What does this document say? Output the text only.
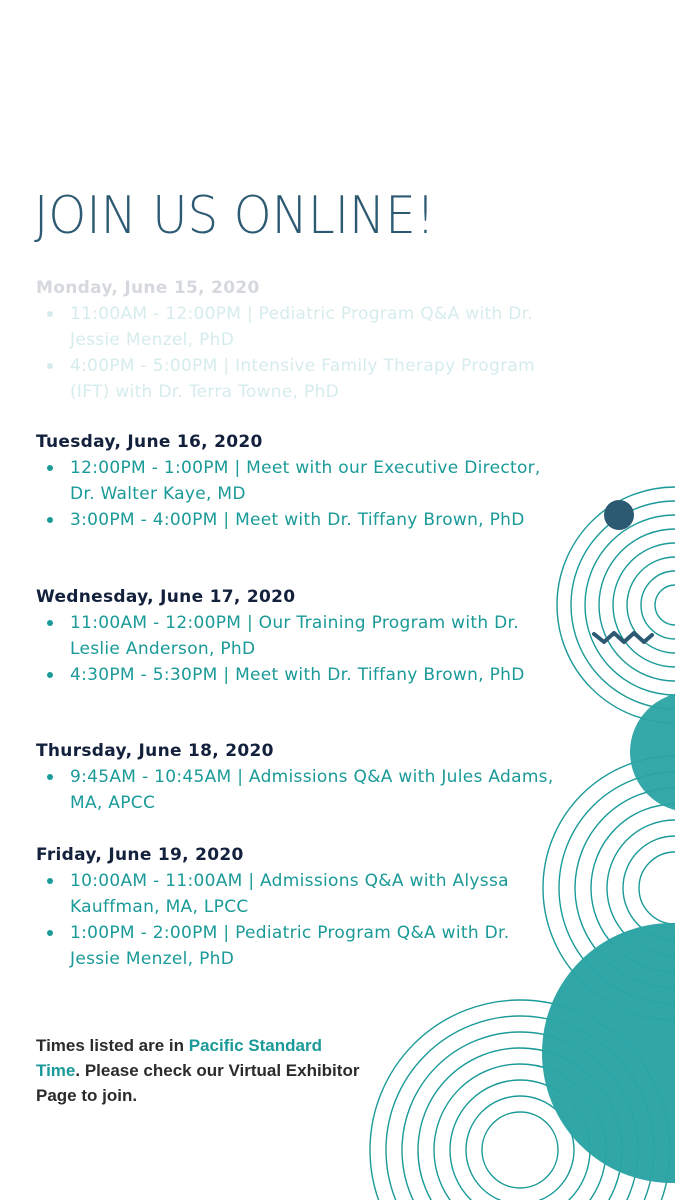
JOIN US ONLINE!
Monday, June 15, 2020
11:00AM - 12:00PM | Pediatric Program Q&A with Dr. Jessie Menzel, PhD
4:00PM - 5:00PM | Intensive Family Therapy Program (IFT) with Dr. Terra Towne, PhD
Tuesday, June 16, 2020
12:00PM - 1:00PM | Meet with our Executive Director, Dr. Walter Kaye, MD
3:00PM - 4:00PM | Meet with Dr. Tiffany Brown, PhD
Wednesday, June 17, 2020
11:00AM - 12:00PM | Our Training Program with Dr. Leslie Anderson, PhD
4:30PM - 5:30PM | Meet with Dr. Tiffany Brown, PhD
Thursday, June 18, 2020
9:45AM - 10:45AM | Admissions Q&A with Jules Adams, MA, APCC
Friday, June 19, 2020
10:00AM - 11:00AM | Admissions Q&A with Alyssa Kauffman, MA, LPCC
1:00PM - 2:00PM | Pediatric Program Q&A with Dr. Jessie Menzel, PhD

Times listed are in Pacific Standard Time. Please check our Virtual Exhibitor Page to join.
